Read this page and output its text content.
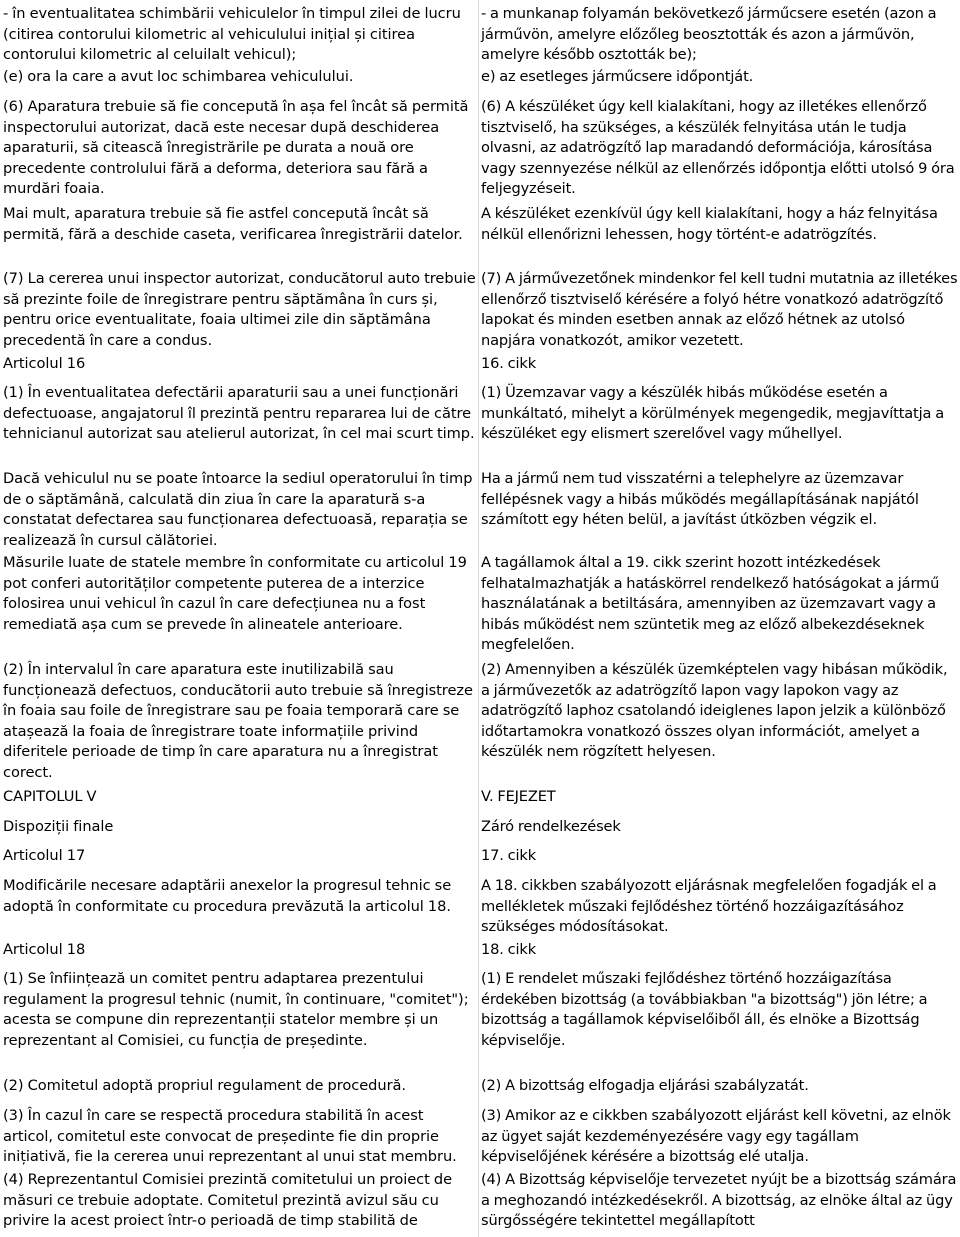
- în eventualitatea schimbării vehiculelor în timpul zilei de lucru (citirea contorului kilometric al vehiculului inițial și citirea contorului kilometric al celuilalt vehicul);

(e) ora la care a avut loc schimbarea vehiculului.

(6) Aparatura trebuie să fie concepută în așa fel încât să permită inspectorului autorizat, dacă este necesar după deschiderea aparaturii, să citească înregistrările pe durata a nouă ore precedente controlului fără a deforma, deteriora sau fără a murdări foaia.

Mai mult, aparatura trebuie să fie astfel concepută încât să permită, fără a deschide caseta, verificarea înregistrării datelor.

(7) La cererea unui inspector autorizat, conducătorul auto trebuie să prezinte foile de înregistrare pentru săptămâna în curs și, pentru orice eventualitate, foaia ultimei zile din săptămâna precedentă în care a condus.

Articolul 16

(1) În eventualitatea defectării aparaturii sau a unei funcționări defectuoase, angajatorul îl prezintă pentru repararea lui de către tehnicianul autorizat sau atelierul autorizat, în cel mai scurt timp.

Dacă vehiculul nu se poate întoarce la sediul operatorului în timp de o săptămână, calculată din ziua în care la aparatură s-a constatat defectarea sau funcționarea defectuoasă, reparația se realizează în cursul călătoriei.

Măsurile luate de statele membre în conformitate cu articolul 19 pot conferi autorităților competente puterea de a interzice folosirea unui vehicul în cazul în care defecțiunea nu a fost remediată așa cum se prevede în alineatele anterioare.

(2) În intervalul în care aparatura este inutilizabilă sau funcționează defectuos, conducătorii auto trebuie să înregistreze în foaia sau foile de înregistrare sau pe foaia temporară care se atașează la foaia de înregistrare toate informațiile privind diferitele perioade de timp în care aparatura nu a înregistrat corect.

CAPITOLUL V

Dispoziții finale

Articolul 17

Modificările necesare adaptării anexelor la progresul tehnic se adoptă în conformitate cu procedura prevăzută la articolul 18.

Articolul 18

(1) Se înființează un comitet pentru adaptarea prezentului regulament la progresul tehnic (numit, în continuare, "comitet"); acesta se compune din reprezentanții statelor membre și un reprezentant al Comisiei, cu funcția de președinte.

(2) Comitetul adoptă propriul regulament de procedură.

(3) În cazul în care se respectă procedura stabilită în acest articol, comitetul este convocat de președinte fie din proprie inițiativă, fie la cererea unui reprezentant al unui stat membru.

(4) Reprezentantul Comisiei prezintă comitetului un proiect de măsuri ce trebuie adoptate. Comitetul prezintă avizul său cu privire la acest proiect într-o perioadă de timp stabilită de

- a munkanap folyamán bekövetkező járműcsere esetén (azon a járművön, amelyre előzőleg beosztották és azon a járművön, amelyre később osztották be);

e) az esetleges járműcsere időpontját.

(6) A készüléket úgy kell kialakítani, hogy az illetékes ellenőrző tisztviselő, ha szükséges, a készülék felnyitása után le tudja olvasni, az adatrögzítő lap maradandó deformációja, károsítása vagy szennyezése nélkül az ellenőrzés időpontja előtti utolsó 9 óra feljegyzéseit.

A készüléket ezenkívül úgy kell kialakítani, hogy a ház felnyitása nélkül ellenőrizni lehessen, hogy történt-e adatrögzítés.

(7) A járművezetőnek mindenkor fel kell tudni mutatnia az illetékes ellenőrző tisztviselő kérésére a folyó hétre vonatkozó adatrögzítő lapokat és minden esetben annak az előző hétnek az utolsó napjára vonatkozót, amikor vezetett.

16. cikk

(1) Üzemzavar vagy a készülék hibás működése esetén a munkáltató, mihelyt a körülmények megengedik, megjavíttatja a készüléket egy elismert szerelővel vagy műhellyel.

Ha a jármű nem tud visszatérni a telephelyre az üzemzavar fellépésnek vagy a hibás működés megállapításának napjától számított egy héten belül, a javítást útközben végzik el.

A tagállamok által a 19. cikk szerint hozott intézkedések felhatalmazhatják a hatáskörrel rendelkező hatóságokat a jármű használatának a betiltására, amennyiben az üzemzavart vagy a hibás működést nem szüntetik meg az előző albekezdéseknek megfelelően.

(2) Amennyiben a készülék üzemképtelen vagy hibásan működik, a járművezetők az adatrögzítő lapon vagy lapokon vagy az adatrögzítő laphoz csatolandó ideiglenes lapon jelzik a különböző időtartamokra vonatkozó összes olyan információt, amelyet a készülék nem rögzített helyesen.

V. FEJEZET

Záró rendelkezések

17. cikk

A 18. cikkben szabályozott eljárásnak megfelelően fogadják el a mellékletek műszaki fejlődéshez történő hozzáigazításához szükséges módosításokat.

18. cikk

(1) E rendelet műszaki fejlődéshez történő hozzáigazítása érdekében bizottság (a továbbiakban "a bizottság") jön létre; a bizottság a tagállamok képviselőiből áll, és elnöke a Bizottság képviselője.

(2) A bizottság elfogadja eljárási szabályzatát.

(3) Amikor az e cikkben szabályozott eljárást kell követni, az elnök az ügyet saját kezdeményezésére vagy egy tagállam képviselőjének kérésére a bizottság elé utalja.

(4) A Bizottság képviselője tervezetet nyújt be a bizottság számára a meghozandó intézkedésekről. A bizottság, az elnöke által az ügy sürgősségére tekintettel megállapított
